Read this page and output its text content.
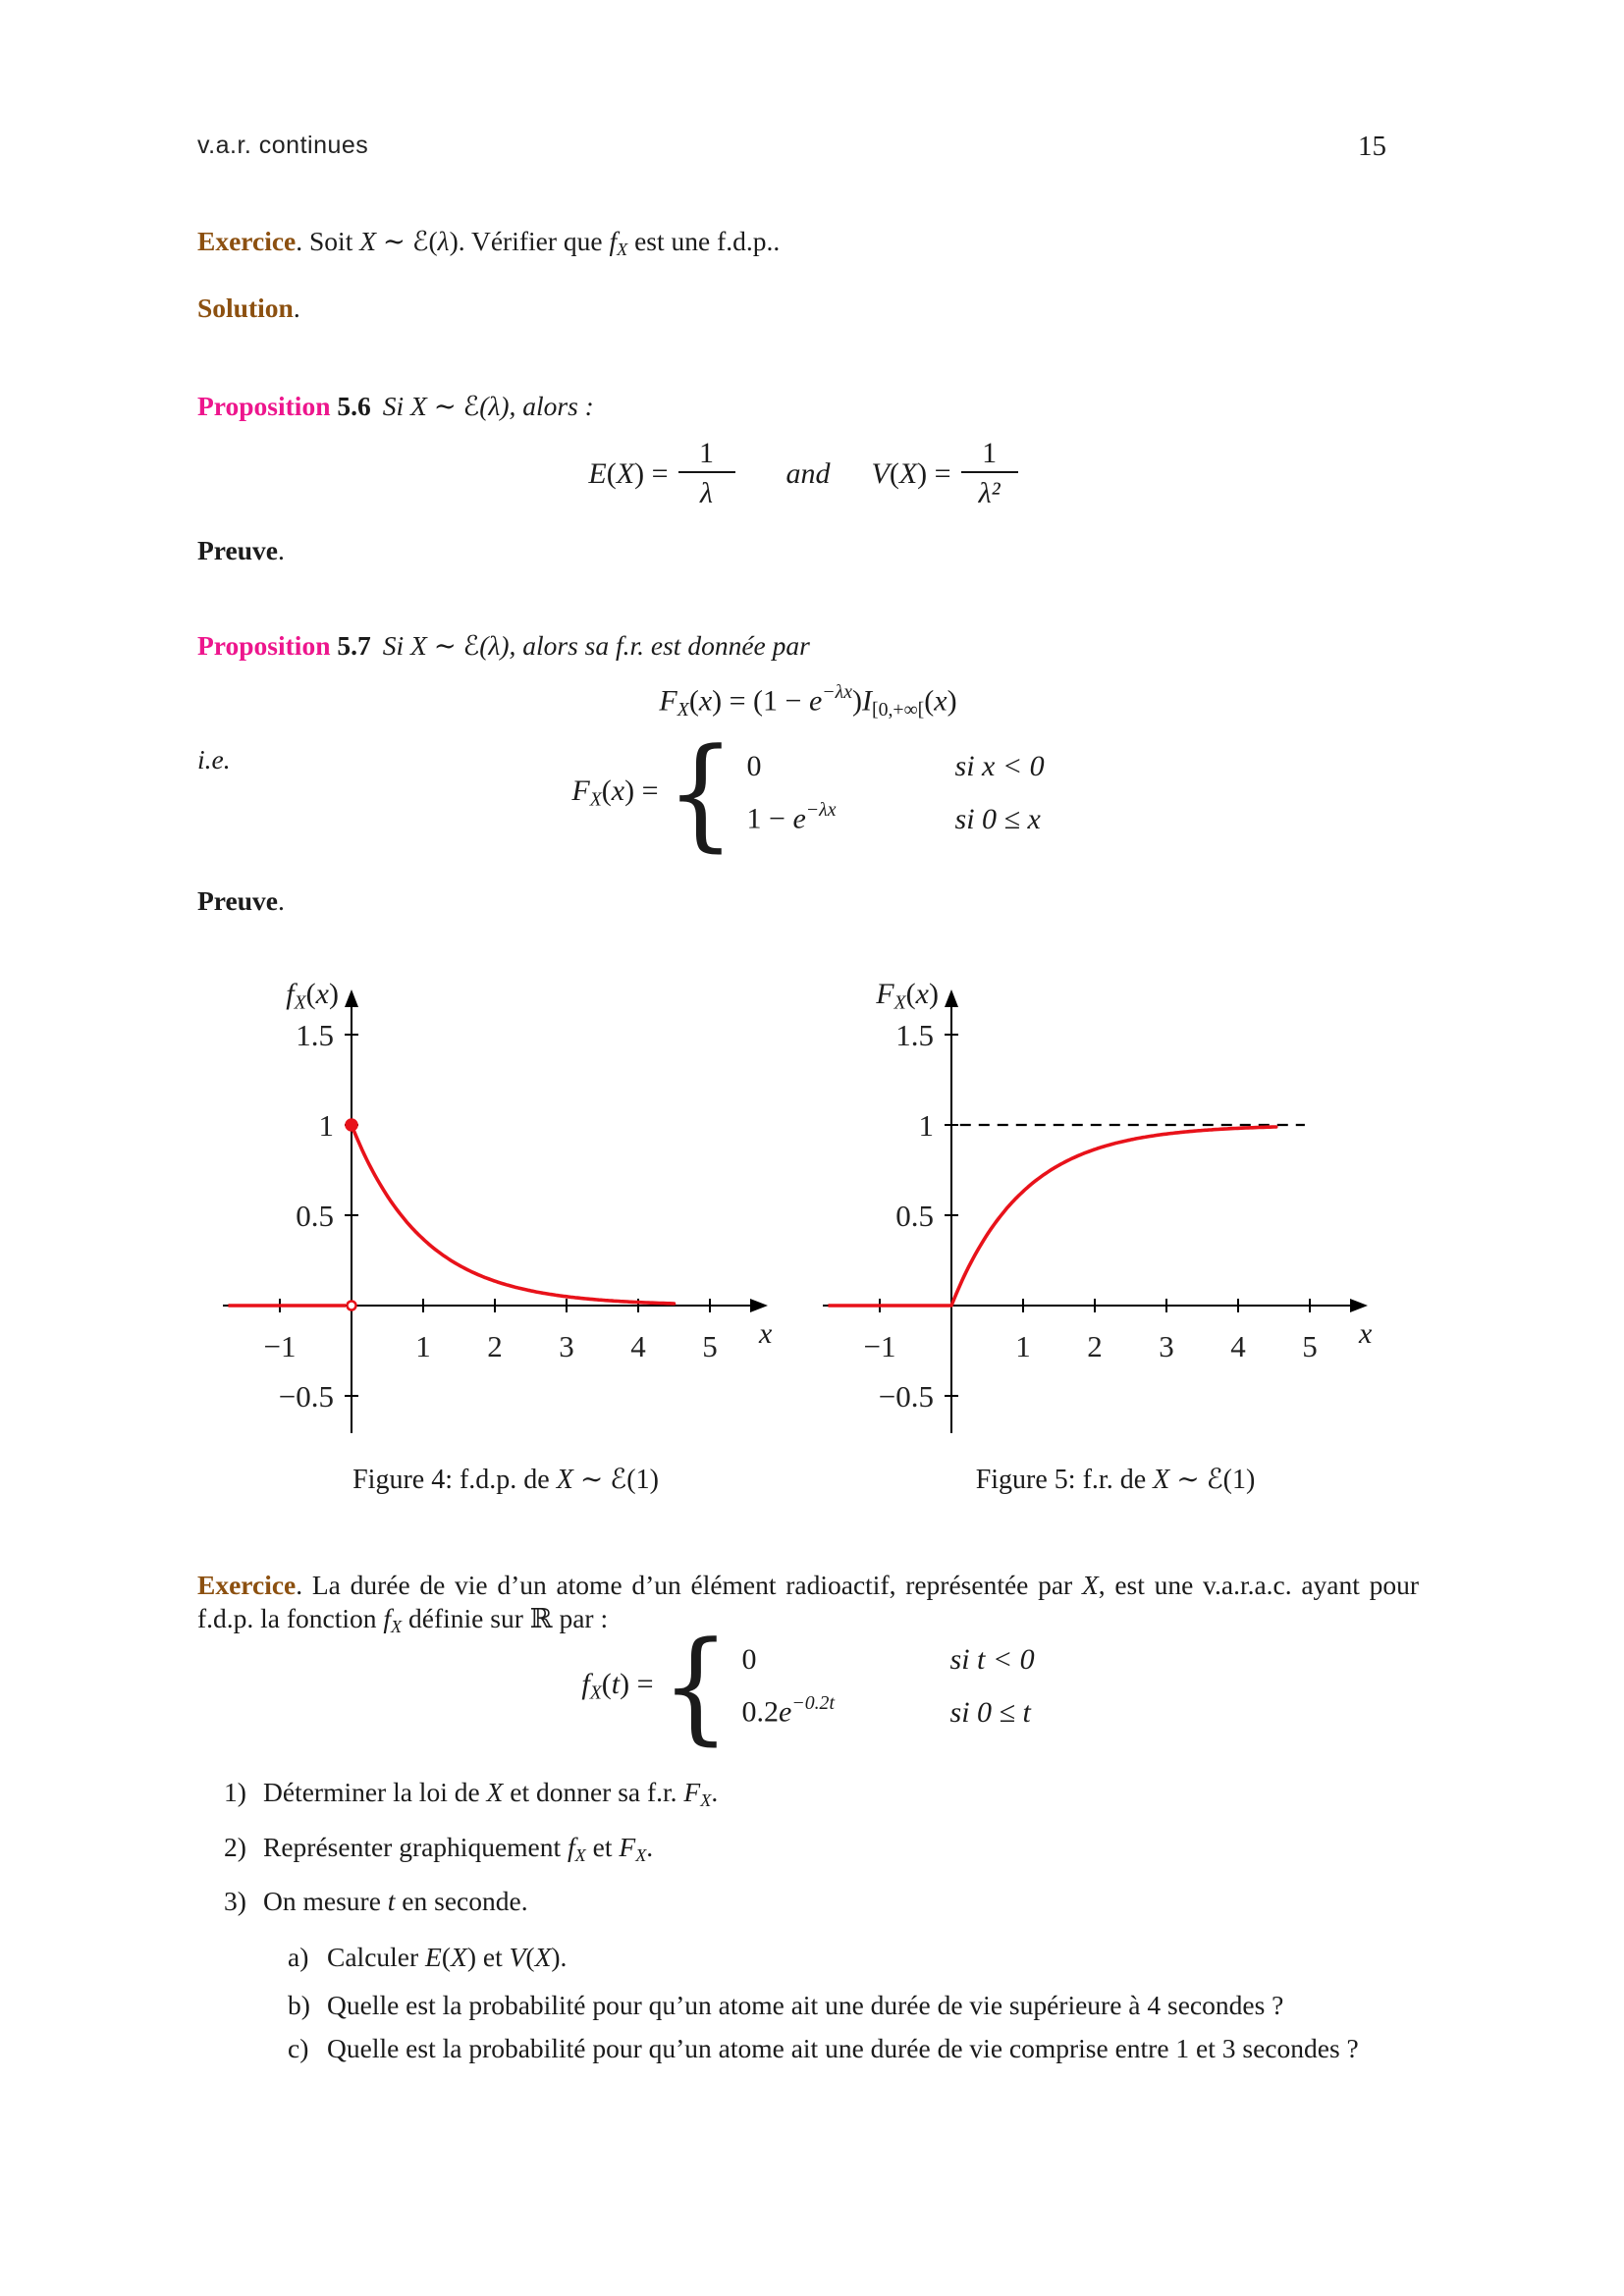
v.a.r. continues	15
Exercice. Soit X ∼ ℰ(λ). Vérifier que fX est une f.d.p..
Solution.
Proposition 5.6 Si X ∼ ℰ(λ), alors :
$E(X) = \frac{1}{\lambda}$ and $V(X) = \frac{1}{\text{λ²}}$
Preuve.
Proposition 5.7 Si X ∼ ℰ(λ), alors sa f.r. est donnée par
$FX(x) = (1 - e^{-\lambda x})I[0,+\infty[(x)$
i.e.
FX(x) = { 0	si x < 0
$1 - e^{-\lambda x}$	si 0 ≤ x
Preuve.
−1	1 2 3 4 5
−0.5
0.5
1
1.5
fX(x)
x	−1	1 2 3 4 5
−0.5
0.5
1
1.5
FX(x)
x
Figure 4: f.d.p. de X ∼ ℰ(1)	Figure 5: f.r. de X ∼ ℰ(1)
Exercice. La durée de vie d’un atome d’un élément radioactif, représentée par X, est une v.a.r.a.c. ayant pour f.d.p. la fonction fX définie sur ℝ par :
fX(t) = { 0	si t < 0
$0.2e^{-0.2t}$	si 0 ≤ t
1) Déterminer la loi de X et donner sa f.r. FX.
2) Représenter graphiquement fX et FX.
3) On mesure t en seconde.
a) Calculer E(X) et V(X).
b) Quelle est la probabilité pour qu’un atome ait une durée de vie supérieure à 4 secondes ?
c) Quelle est la probabilité pour qu’un atome ait une durée de vie comprise entre 1 et 3 secondes ?
